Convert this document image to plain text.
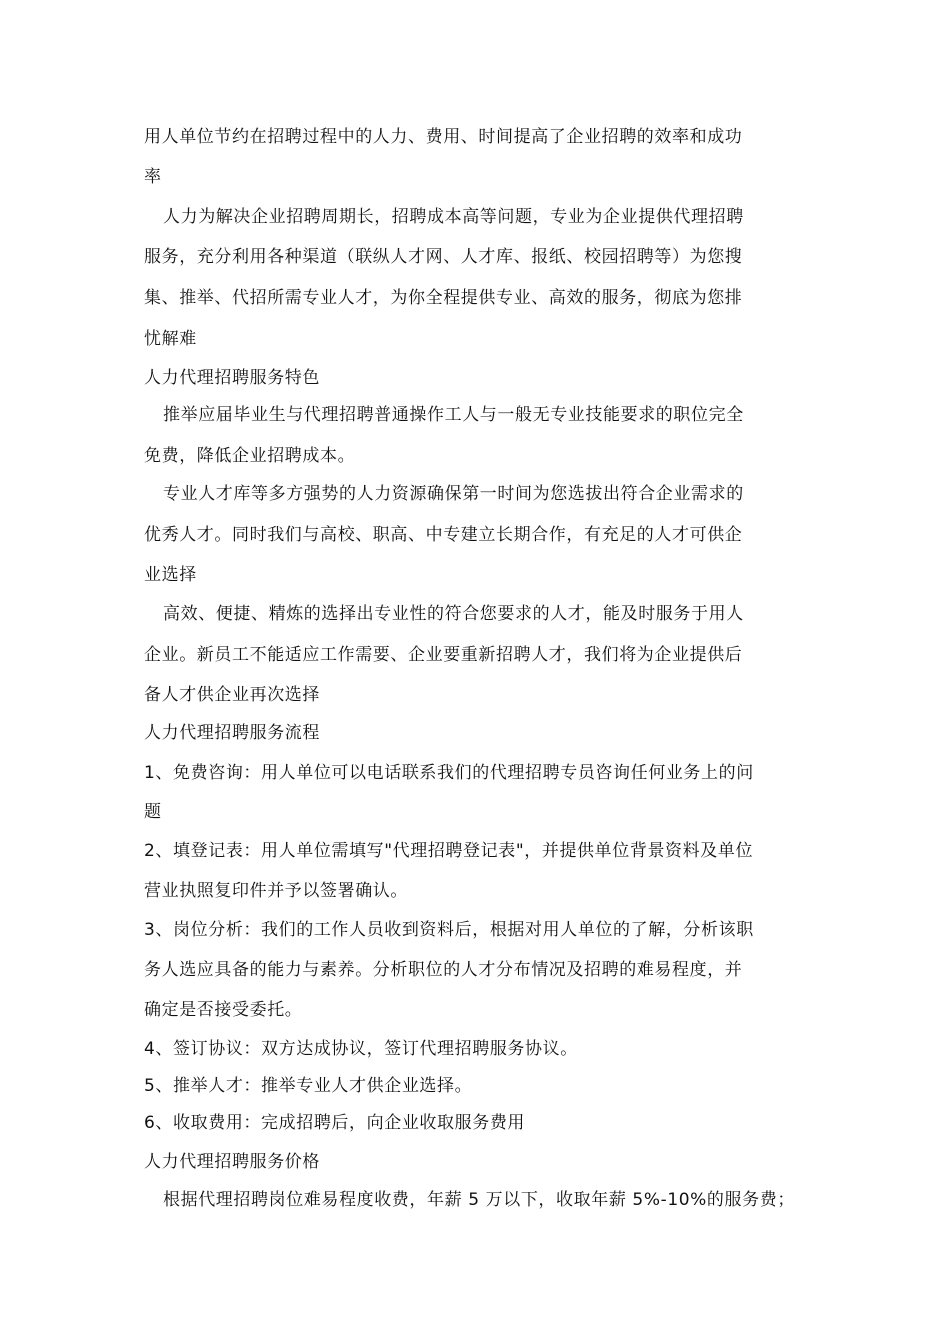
用人单位节约在招聘过程中的人力、费用、时间提高了企业招聘的效率和成功
率
人力为解决企业招聘周期长，招聘成本高等问题，专业为企业提供代理招聘
服务，充分利用各种渠道（联纵人才网、人才库、报纸、校园招聘等）为您搜
集、推举、代招所需专业人才，为你全程提供专业、高效的服务，彻底为您排
忧解难
人力代理招聘服务特色
推举应届毕业生与代理招聘普通操作工人与一般无专业技能要求的职位完全
免费，降低企业招聘成本。
专业人才库等多方强势的人力资源确保第一时间为您选拔出符合企业需求的
优秀人才。同时我们与高校、职高、中专建立长期合作，有充足的人才可供企
业选择
高效、便捷、精炼的选择出专业性的符合您要求的人才，能及时服务于用人
企业。新员工不能适应工作需要、企业要重新招聘人才，我们将为企业提供后
备人才供企业再次选择
人力代理招聘服务流程
1、免费咨询：用人单位可以电话联系我们的代理招聘专员咨询任何业务上的问
题
2、填登记表：用人单位需填写"代理招聘登记表"，并提供单位背景资料及单位
营业执照复印件并予以签署确认。
3、岗位分析：我们的工作人员收到资料后，根据对用人单位的了解，分析该职
务人选应具备的能力与素养。分析职位的人才分布情况及招聘的难易程度，并
确定是否接受委托。
4、签订协议：双方达成协议，签订代理招聘服务协议。
5、推举人才：推举专业人才供企业选择。
6、收取费用：完成招聘后，向企业收取服务费用
人力代理招聘服务价格
根据代理招聘岗位难易程度收费，年薪 5 万以下，收取年薪 5%-10%的服务费；
